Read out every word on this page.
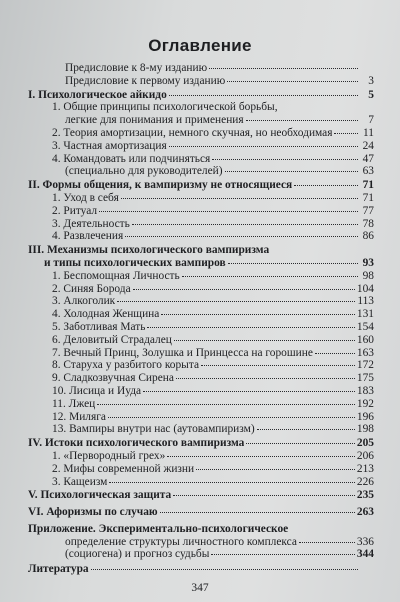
Оглавление
Предисловие к 8-му изданию
Предисловие к первому изданию	3
I. Психологическое айкидо	5
1. Общие принципы психологической борьбы,
легкие для понимания и применения	7
2. Теория амортизации, немного скучная, но необходимая	11
3. Частная амортизация	24
4. Командовать или подчиняться	47
(специально для руководителей)	63
II. Формы общения, к вампиризму не относящиеся	71
1. Уход в себя	71
2. Ритуал	77
3. Деятельность	78
4. Развлечения	86
III. Механизмы психологического вампиризма
и типы психологических вампиров	93
1. Беспомощная Личность	98
2. Синяя Борода	104
3. Алкоголик	113
4. Холодная Женщина	131
5. Заботливая Мать	154
6. Деловитый Страдалец	160
7. Вечный Принц, Золушка и Принцесса на горошине	163
8. Старуха у разбитого корыта	172
9. Сладкозвучная Сирена	175
10. Лисица и Иуда	183
11. Лжец	192
12. Милягa	196
13. Вампиры внутри нас (аутовампиризм)	198
IV. Истоки психологического вампиризма	205
1. «Первородный грех»	206
2. Мифы современной жизни	213
3. Кащеизм	226
V. Психологическая защита	235
VI. Афоризмы по случаю	263
Приложение. Экспериментально-психологическое
определение структуры личностного комплекса	336
(социогена) и прогноз судьбы	344
Литература
347
